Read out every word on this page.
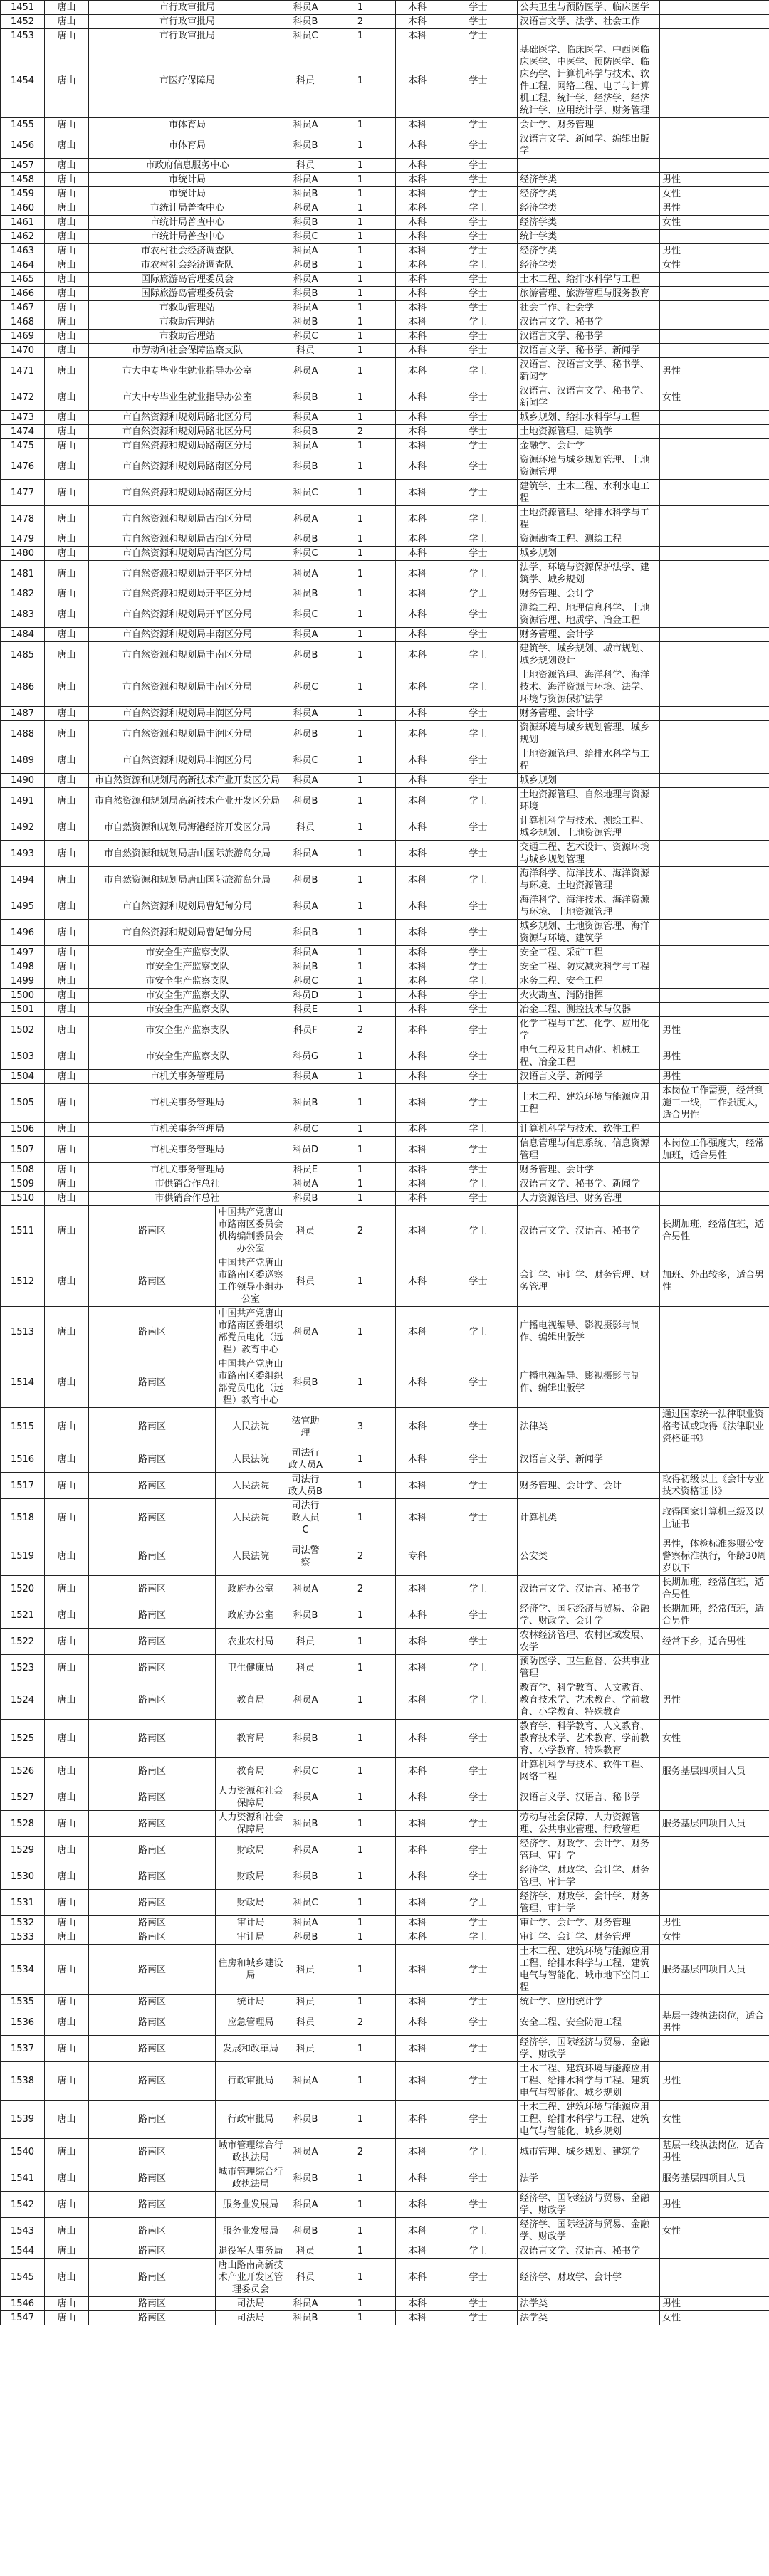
1451	唐山	市行政审批局		科员A	1	本科	学士	公共卫生与预防医学、临床医学	
1452	唐山	市行政审批局		科员B	2	本科	学士	汉语言文学、法学、社会工作	
1453	唐山	市行政审批局		科员C	1	本科	学士		
1454	唐山	市医疗保障局		科员	1	本科	学士	基础医学、临床医学、中西医临床医学、中医学、预防医学、临床药学、计算机科学与技术、软件工程、网络工程、电子与计算机工程、统计学、经济学、经济统计学、应用统计学、财务管理	
1455	唐山	市体育局		科员A	1	本科	学士	会计学、财务管理	
1456	唐山	市体育局		科员B	1	本科	学士	汉语言文学、新闻学、编辑出版学	
1457	唐山	市政府信息服务中心		科员	1	本科	学士		
1458	唐山	市统计局		科员A	1	本科	学士	经济学类	男性
1459	唐山	市统计局		科员B	1	本科	学士	经济学类	女性
1460	唐山	市统计局普查中心		科员A	1	本科	学士	经济学类	男性
1461	唐山	市统计局普查中心		科员B	1	本科	学士	经济学类	女性
1462	唐山	市统计局普查中心		科员C	1	本科	学士	统计学类	
1463	唐山	市农村社会经济调查队		科员A	1	本科	学士	经济学类	男性
1464	唐山	市农村社会经济调查队		科员B	1	本科	学士	经济学类	女性
1465	唐山	国际旅游岛管理委员会		科员A	1	本科	学士	土木工程、给排水科学与工程	
1466	唐山	国际旅游岛管理委员会		科员B	1	本科	学士	旅游管理、旅游管理与服务教育	
1467	唐山	市救助管理站		科员A	1	本科	学士	社会工作、社会学	
1468	唐山	市救助管理站		科员B	1	本科	学士	汉语言文学、秘书学	
1469	唐山	市救助管理站		科员C	1	本科	学士	汉语言文学、秘书学	
1470	唐山	市劳动和社会保障监察支队		科员	1	本科	学士	汉语言文学、秘书学、新闻学	
1471	唐山	市大中专毕业生就业指导办公室		科员A	1	本科	学士	汉语言、汉语言文学、秘书学、新闻学	男性
1472	唐山	市大中专毕业生就业指导办公室		科员B	1	本科	学士	汉语言、汉语言文学、秘书学、新闻学	女性
1473	唐山	市自然资源和规划局路北区分局		科员A	1	本科	学士	城乡规划、给排水科学与工程	
1474	唐山	市自然资源和规划局路北区分局		科员B	2	本科	学士	土地资源管理、建筑学	
1475	唐山	市自然资源和规划局路南区分局		科员A	1	本科	学士	金融学、会计学	
1476	唐山	市自然资源和规划局路南区分局		科员B	1	本科	学士	资源环境与城乡规划管理、土地资源管理	
1477	唐山	市自然资源和规划局路南区分局		科员C	1	本科	学士	建筑学、土木工程、水利水电工程	
1478	唐山	市自然资源和规划局古冶区分局		科员A	1	本科	学士	土地资源管理、给排水科学与工程	
1479	唐山	市自然资源和规划局古冶区分局		科员B	1	本科	学士	资源勘查工程、测绘工程	
1480	唐山	市自然资源和规划局古冶区分局		科员C	1	本科	学士	城乡规划	
1481	唐山	市自然资源和规划局开平区分局		科员A	1	本科	学士	法学、环境与资源保护法学、建筑学、城乡规划	
1482	唐山	市自然资源和规划局开平区分局		科员B	1	本科	学士	财务管理、会计学	
1483	唐山	市自然资源和规划局开平区分局		科员C	1	本科	学士	测绘工程、地理信息科学、土地资源管理、地质学、冶金工程	
1484	唐山	市自然资源和规划局丰南区分局		科员A	1	本科	学士	财务管理、会计学	
1485	唐山	市自然资源和规划局丰南区分局		科员B	1	本科	学士	建筑学、城乡规划、城市规划、城乡规划设计	
1486	唐山	市自然资源和规划局丰南区分局		科员C	1	本科	学士	土地资源管理、海洋科学、海洋技术、海洋资源与环境、法学、环境与资源保护法学	
1487	唐山	市自然资源和规划局丰润区分局		科员A	1	本科	学士	财务管理、会计学	
1488	唐山	市自然资源和规划局丰润区分局		科员B	1	本科	学士	资源环境与城乡规划管理、城乡规划	
1489	唐山	市自然资源和规划局丰润区分局		科员C	1	本科	学士	土地资源管理、给排水科学与工程	
1490	唐山	市自然资源和规划局高新技术产业开发区分局		科员A	1	本科	学士	城乡规划	
1491	唐山	市自然资源和规划局高新技术产业开发区分局		科员B	1	本科	学士	土地资源管理、自然地理与资源环境	
1492	唐山	市自然资源和规划局海港经济开发区分局		科员	1	本科	学士	计算机科学与技术、测绘工程、城乡规划、土地资源管理	
1493	唐山	市自然资源和规划局唐山国际旅游岛分局		科员A	1	本科	学士	交通工程、艺术设计、资源环境与城乡规划管理	
1494	唐山	市自然资源和规划局唐山国际旅游岛分局		科员B	1	本科	学士	海洋科学、海洋技术、海洋资源与环境、土地资源管理	
1495	唐山	市自然资源和规划局曹妃甸分局		科员A	1	本科	学士	海洋科学、海洋技术、海洋资源与环境、土地资源管理	
1496	唐山	市自然资源和规划局曹妃甸分局		科员B	1	本科	学士	城乡规划、土地资源管理、海洋资源与环境、建筑学	
1497	唐山	市安全生产监察支队		科员A	1	本科	学士	安全工程、采矿工程	
1498	唐山	市安全生产监察支队		科员B	1	本科	学士	安全工程、防灾减灾科学与工程	
1499	唐山	市安全生产监察支队		科员C	1	本科	学士	水务工程、安全工程	
1500	唐山	市安全生产监察支队		科员D	1	本科	学士	火灾勘查、消防指挥	
1501	唐山	市安全生产监察支队		科员E	1	本科	学士	冶金工程、测控技术与仪器	
1502	唐山	市安全生产监察支队		科员F	2	本科	学士	化学工程与工艺、化学、应用化学	男性
1503	唐山	市安全生产监察支队		科员G	1	本科	学士	电气工程及其自动化、机械工程、冶金工程	男性
1504	唐山	市机关事务管理局		科员A	1	本科	学士	汉语言文学、新闻学	男性
1505	唐山	市机关事务管理局		科员B	1	本科	学士	土木工程、建筑环境与能源应用工程	本岗位工作需要，经常到施工一线，工作强度大，适合男性
1506	唐山	市机关事务管理局		科员C	1	本科	学士	计算机科学与技术、软件工程	
1507	唐山	市机关事务管理局		科员D	1	本科	学士	信息管理与信息系统、信息资源管理	本岗位工作强度大，经常加班，适合男性
1508	唐山	市机关事务管理局		科员E	1	本科	学士	财务管理、会计学	
1509	唐山	市供销合作总社		科员A	1	本科	学士	汉语言文学、秘书学、新闻学	
1510	唐山	市供销合作总社		科员B	1	本科	学士	人力资源管理、财务管理	
1511	唐山	路南区	中国共产党唐山市路南区委员会机构编制委员会办公室	科员	2	本科	学士	汉语言文学、汉语言、秘书学	长期加班，经常值班，适合男性
1512	唐山	路南区	中国共产党唐山市路南区委巡察工作领导小组办公室	科员	1	本科	学士	会计学、审计学、财务管理、财务管理	加班、外出较多，适合男性
1513	唐山	路南区	中国共产党唐山市路南区委组织部党员电化（远程）教育中心	科员A	1	本科	学士	广播电视编导、影视摄影与制作、编辑出版学	
1514	唐山	路南区	中国共产党唐山市路南区委组织部党员电化（远程）教育中心	科员B	1	本科	学士	广播电视编导、影视摄影与制作、编辑出版学	
1515	唐山	路南区	人民法院	法官助理	3	本科	学士	法律类	通过国家统一法律职业资格考试或取得《法律职业资格证书》
1516	唐山	路南区	人民法院	司法行政人员A	1	本科	学士	汉语言文学、新闻学	
1517	唐山	路南区	人民法院	司法行政人员B	1	本科	学士	财务管理、会计学、会计	取得初级以上《会计专业技术资格证书》
1518	唐山	路南区	人民法院	司法行政人员C	1	本科	学士	计算机类	取得国家计算机三级及以上证书
1519	唐山	路南区	人民法院	司法警察	2	专科		公安类	男性，体检标准参照公安警察标准执行，年龄30周岁以下
1520	唐山	路南区	政府办公室	科员A	2	本科	学士	汉语言文学、汉语言、秘书学	长期加班，经常值班，适合男性
1521	唐山	路南区	政府办公室	科员B	1	本科	学士	经济学、国际经济与贸易、金融学、财政学、会计学	长期加班，经常值班，适合男性
1522	唐山	路南区	农业农村局	科员	1	本科	学士	农林经济管理、农村区域发展、农学	经常下乡，适合男性
1523	唐山	路南区	卫生健康局	科员	1	本科	学士	预防医学、卫生监督、公共事业管理	
1524	唐山	路南区	教育局	科员A	1	本科	学士	教育学、科学教育、人文教育、教育技术学、艺术教育、学前教育、小学教育、特殊教育	男性
1525	唐山	路南区	教育局	科员B	1	本科	学士	教育学、科学教育、人文教育、教育技术学、艺术教育、学前教育、小学教育、特殊教育	女性
1526	唐山	路南区	教育局	科员C	1	本科	学士	计算机科学与技术、软件工程、网络工程	服务基层四项目人员
1527	唐山	路南区	人力资源和社会保障局	科员A	1	本科	学士	汉语言文学、汉语言、秘书学	
1528	唐山	路南区	人力资源和社会保障局	科员B	1	本科	学士	劳动与社会保障、人力资源管理、公共事业管理、行政管理	服务基层四项目人员
1529	唐山	路南区	财政局	科员A	1	本科	学士	经济学、财政学、会计学、财务管理、审计学	
1530	唐山	路南区	财政局	科员B	1	本科	学士	经济学、财政学、会计学、财务管理、审计学	
1531	唐山	路南区	财政局	科员C	1	本科	学士	经济学、财政学、会计学、财务管理、审计学	
1532	唐山	路南区	审计局	科员A	1	本科	学士	审计学、会计学、财务管理	男性
1533	唐山	路南区	审计局	科员B	1	本科	学士	审计学、会计学、财务管理	女性
1534	唐山	路南区	住房和城乡建设局	科员	1	本科	学士	土木工程、建筑环境与能源应用工程、给排水科学与工程、建筑电气与智能化、城市地下空间工程	服务基层四项目人员
1535	唐山	路南区	统计局	科员	1	本科	学士	统计学、应用统计学	
1536	唐山	路南区	应急管理局	科员	2	本科	学士	安全工程、安全防范工程	基层一线执法岗位，适合男性
1537	唐山	路南区	发展和改革局	科员	1	本科	学士	经济学、国际经济与贸易、金融学、财政学	
1538	唐山	路南区	行政审批局	科员A	1	本科	学士	土木工程、建筑环境与能源应用工程、给排水科学与工程、建筑电气与智能化、城乡规划	男性
1539	唐山	路南区	行政审批局	科员B	1	本科	学士	土木工程、建筑环境与能源应用工程、给排水科学与工程、建筑电气与智能化、城乡规划	女性
1540	唐山	路南区	城市管理综合行政执法局	科员A	2	本科	学士	城市管理、城乡规划、建筑学	基层一线执法岗位，适合男性
1541	唐山	路南区	城市管理综合行政执法局	科员B	1	本科	学士	法学	服务基层四项目人员
1542	唐山	路南区	服务业发展局	科员A	1	本科	学士	经济学、国际经济与贸易、金融学、财政学	男性
1543	唐山	路南区	服务业发展局	科员B	1	本科	学士	经济学、国际经济与贸易、金融学、财政学	女性
1544	唐山	路南区	退役军人事务局	科员	1	本科	学士	汉语言文学、汉语言、秘书学	
1545	唐山	路南区	唐山路南高新技术产业开发区管理委员会	科员	1	本科	学士	经济学、财政学、会计学	
1546	唐山	路南区	司法局	科员A	1	本科	学士	法学类	男性
1547	唐山	路南区	司法局	科员B	1	本科	学士	法学类	女性
